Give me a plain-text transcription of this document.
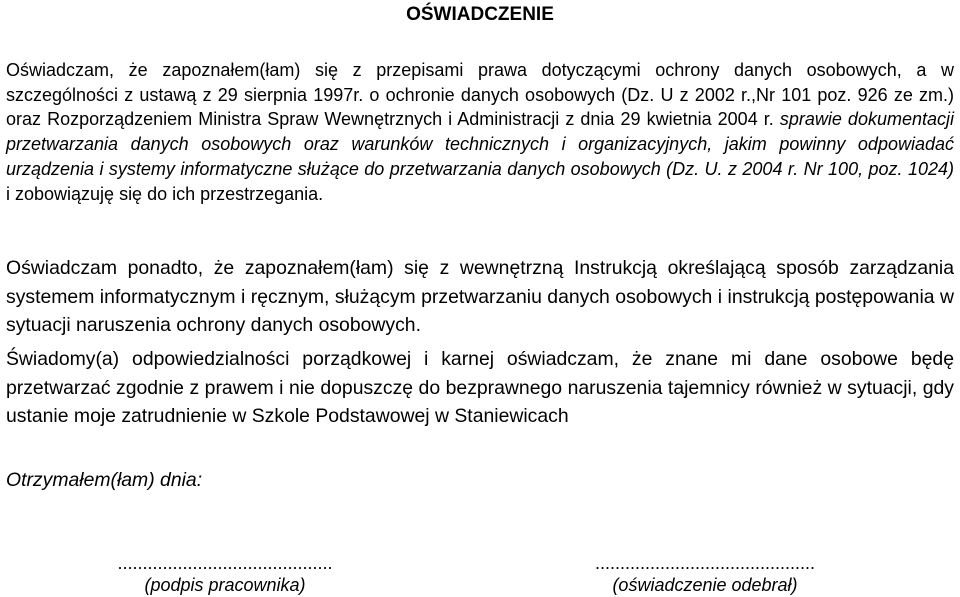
OŚWIADCZENIE

Oświadczam, że zapoznałem(łam) się z przepisami prawa dotyczącymi ochrony danych osobowych, a w szczególności z ustawą z 29 sierpnia 1997r. o ochronie danych osobowych (Dz. U z 2002 r.,Nr 101 poz. 926 ze zm.) oraz Rozporządzeniem Ministra Spraw Wewnętrznych i Administracji z dnia 29 kwietnia 2004 r. sprawie dokumentacji przetwarzania danych osobowych oraz warunków technicznych i organizacyjnych, jakim powinny odpowiadać urządzenia i systemy informatyczne służące do przetwarzania danych osobowych (Dz. U. z 2004 r. Nr 100, poz. 1024) i zobowiązuję się do ich przestrzegania.

Oświadczam ponadto, że zapoznałem(łam) się z wewnętrzną Instrukcją określającą sposób zarządzania systemem informatycznym i ręcznym, służącym przetwarzaniu danych osobowych i instrukcją postępowania w sytuacji naruszenia ochrony danych osobowych.

Świadomy(a) odpowiedzialności porządkowej i karnej oświadczam, że znane mi dane osobowe będę przetwarzać zgodnie z prawem i nie dopuszczę do bezprawnego naruszenia tajemnicy również w sytuacji, gdy ustanie moje zatrudnienie w Szkole Podstawowej w Staniewicach

Otrzymałem(łam) dnia:

...........................................
(podpis pracownika)
............................................
(oświadczenie odebrał)
